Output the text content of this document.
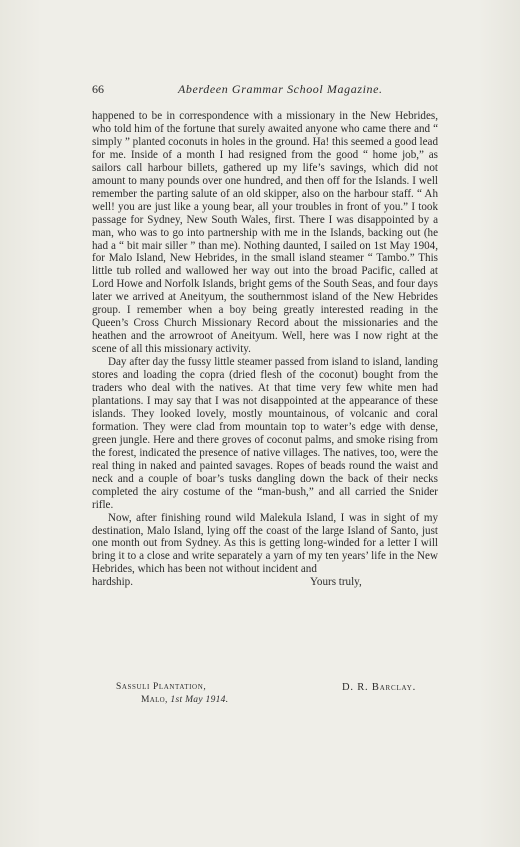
66	Aberdeen Grammar School Magazine.

happened to be in correspondence with a missionary in the New Hebrides, who told him of the fortune that surely awaited anyone who came there and “ simply ” planted coconuts in holes in the ground. Ha! this seemed a good lead for me. Inside of a month I had resigned from the good “ home job,” as sailors call harbour billets, gathered up my life’s savings, which did not amount to many pounds over one hundred, and then off for the Islands. I well remember the parting salute of an old skipper, also on the harbour staff. “ Ah well! you are just like a young bear, all your troubles in front of you.” I took passage for Sydney, New South Wales, first. There I was disappointed by a man, who was to go into partnership with me in the Islands, backing out (he had a “ bit mair siller ” than me). Nothing daunted, I sailed on 1st May 1904, for Malo Island, New Hebrides, in the small island steamer “ Tambo.” This little tub rolled and wallowed her way out into the broad Pacific, called at Lord Howe and Norfolk Islands, bright gems of the South Seas, and four days later we arrived at Aneityum, the southernmost island of the New Hebrides group. I remember when a boy being greatly interested reading in the Queen’s Cross Church Missionary Record about the missionaries and the heathen and the arrowroot of Aneityum. Well, here was I now right at the scene of all this missionary activity.

Day after day the fussy little steamer passed from island to island, landing stores and loading the copra (dried flesh of the coconut) bought from the traders who deal with the natives. At that time very few white men had plantations. I may say that I was not disappointed at the appearance of these islands. They looked lovely, mostly mountainous, of volcanic and coral formation. They were clad from mountain top to water’s edge with dense, green jungle. Here and there groves of coconut palms, and smoke rising from the forest, indicated the presence of native villages. The natives, too, were the real thing in naked and painted savages. Ropes of beads round the waist and neck and a couple of boar’s tusks dangling down the back of their necks completed the airy costume of the “man-bush,” and all carried the Snider rifle.

Now, after finishing round wild Malekula Island, I was in sight of my destination, Malo Island, lying off the coast of the large Island of Santo, just one month out from Sydney. As this is getting long-winded for a letter I will bring it to a close and write separately a yarn of my ten years’ life in the New Hebrides, which has been not without incident and

hardship.	Yours truly,
Sassuli Plantation,
Malo, 1st May 1914.
D. R. Barclay.
